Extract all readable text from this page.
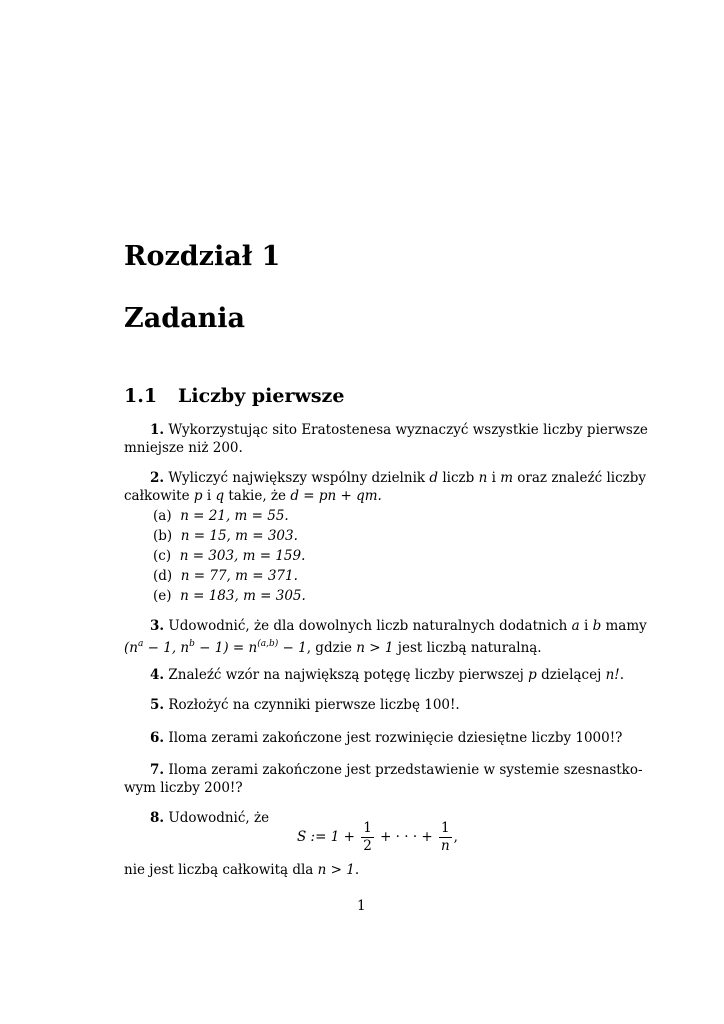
Rozdział 1
Zadania
1.1 Liczby pierwsze
1. Wykorzystując sito Eratostenesa wyznaczyć wszystkie liczby pierwsze
mniejsze niż 200.
2. Wyliczyć największy wspólny dzielnik d liczb n i m oraz znaleźć liczby
całkowite p i q takie, że d = pn + qm.
(a) n = 21, m = 55.
(b) n = 15, m = 303.
(c) n = 303, m = 159.
(d) n = 77, m = 371.
(e) n = 183, m = 305.
3. Udowodnić, że dla dowolnych liczb naturalnych dodatnich a i b mamy
($n^a - 1$, $n^b - 1) = n^{(a,b)} - 1$, gdzie n > 1 jest liczbą naturalną.
4. Znaleźć wzór na największą potęgę liczby pierwszej p dzielącej n!.
5. Rozłożyć na czynniki pierwsze liczbę 100!.
6. Iloma zerami zakończone jest rozwinięcie dziesiętne liczby 1000!?
7. Iloma zerami zakończone jest przedstawienie w systemie szesnastko-
wym liczby 200!?
8. Udowodnić, że
S := $1 + \frac{1}{2}$ + · · · + $\frac{1}{n}$ ,
nie jest liczbą całkowitą dla n > 1.
1
